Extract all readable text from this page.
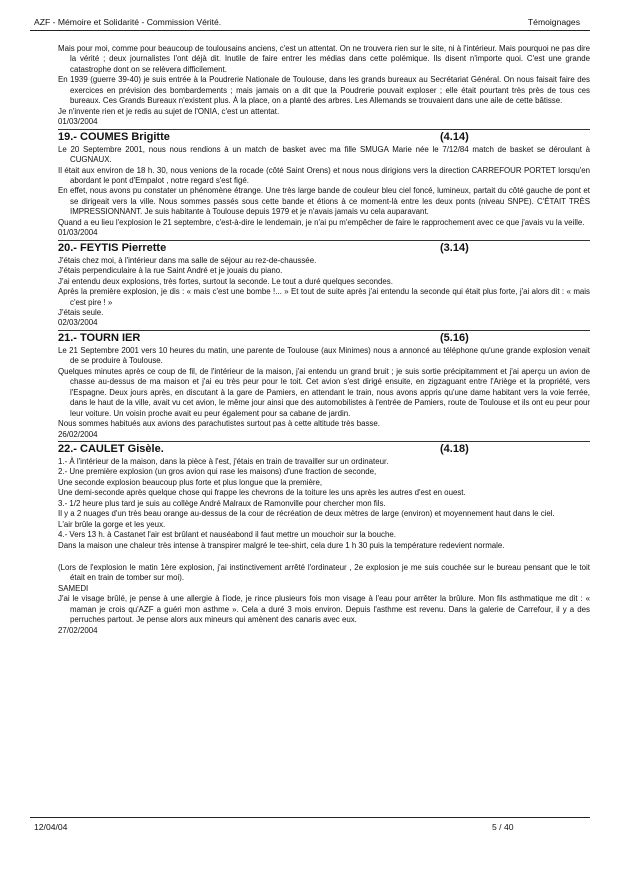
AZF - Mémoire et Solidarité - Commission Vérité.	Témoignages

Mais pour moi, comme pour beaucoup de toulousains anciens, c'est un attentat. On ne trouvera rien sur le site, ni à l'intérieur. Mais pourquoi ne pas dire la vérité ; deux journalistes l'ont déjà dit. Inutile de faire entrer les médias dans cette polémique. Ils disent n'importe quoi. C'est une grande catastrophe dont on se relèvera difficilement.

En 1939 (guerre 39-40) je suis entrée à la Poudrerie Nationale de Toulouse, dans les grands bureaux au Secrétariat Général. On nous faisait faire des exercices en prévision des bombardements ; mais jamais on a dit que la Poudrerie pouvait exploser ; elle était pourtant très près de tous ces bureaux. Ces Grands Bureaux n'existent plus. À la place, on a planté des arbres. Les Allemands se trouvaient dans une aile de cette bâtisse.

Je n'invente rien et je redis au sujet de l'ONIA, c'est un attentat.

01/03/2004

19.- COUMES Brigitte	(4.14)

Le 20 Septembre 2001, nous nous rendions à un match de basket avec ma fille SMUGA Marie née le 7/12/84 match de basket se déroulant à CUGNAUX.

Il était aux environ de 18 h. 30, nous venions de la rocade (côté Saint Orens) et nous nous dirigions vers la direction CARREFOUR PORTET lorsqu'en abordant le pont d'Empalot , notre regard s'est figé.

En effet, nous avons pu constater un phénomène étrange. Une très large bande de couleur bleu ciel foncé, lumineux, partait du côté gauche de pont et se dirigeait vers la ville. Nous sommes passés sous cette bande et étions à ce moment-là entre les deux ponts (niveau SNPE). C'ÉTAIT TRÈS IMPRESSIONNANT. Je suis habitante à Toulouse depuis 1979 et je n'avais jamais vu cela auparavant.

Quand a eu lieu l'explosion le 21 septembre, c'est-à-dire le lendemain, je n'ai pu m'empêcher de faire le rapprochement avec ce que j'avais vu la veille.

01/03/2004

20.- FEYTIS Pierrette	(3.14)

J'étais chez moi, à l'intérieur dans ma salle de séjour au rez-de-chaussée.

J'étais perpendiculaire à la rue Saint André et je jouais du piano.

J'ai entendu deux explosions, très fortes, surtout la seconde. Le tout a duré quelques secondes.

Après la première explosion, je dis : « mais c'est une bombe !... » Et tout de suite après j'ai entendu la seconde qui était plus forte, j'ai alors dit : « mais c'est pire ! »

J'étais seule.

02/03/2004

21.- TOURN IER	(5.16)

Le 21 Septembre 2001 vers 10 heures du matin, une parente de Toulouse (aux Minimes) nous a annoncé au téléphone qu'une grande explosion venait de se produire à Toulouse.

Quelques minutes après ce coup de fil, de l'intérieur de la maison, j'ai entendu un grand bruit ; je suis sortie précipitamment et j'ai aperçu un avion de chasse au-dessus de ma maison et j'ai eu très peur pour le toit. Cet avion s'est dirigé ensuite, en zigzaguant entre l'Ariège et la propriété, vers l'Espagne. Deux jours après, en discutant à la gare de Pamiers, en attendant le train, nous avons appris qu'une dame habitant vers la voie ferrée, dans le haut de la ville, avait vu cet avion, le même jour ainsi que des automobilistes à l'entrée de Pamiers, route de Toulouse et ils ont eu peur pour leur voiture. Un voisin proche avait eu peur également pour sa cabane de jardin.

Nous sommes habitués aux avions des parachutistes surtout pas à cette altitude très basse.

26/02/2004

22.- CAULET Gisèle.	(4.18)

1.- À l'intérieur de la maison, dans la pièce à l'est, j'étais en train de travailler sur un ordinateur.

2.- Une première explosion (un gros avion qui rase les maisons) d'une fraction de seconde,

Une seconde explosion beaucoup plus forte et plus longue que la première,

Une demi-seconde après quelque chose qui frappe les chevrons de la toiture les uns après les autres d'est en ouest.

3.- 1/2 heure plus tard je suis au collège André Malraux de Ramonville pour chercher mon fils.

Il y a 2 nuages d'un très beau orange au-dessus de la cour de récréation de deux mètres de large (environ) et moyennement haut dans le ciel.

L'air brûle la gorge et les yeux.

4.- Vers 13 h. à Castanet l'air est brûlant et nauséabond il faut mettre un mouchoir sur la bouche.

Dans la maison une chaleur très intense à transpirer malgré le tee-shirt, cela dure 1 h 30 puis la température redevient normale.

(Lors de l'explosion le matin 1ère explosion, j'ai instinctivement arrêté l'ordinateur , 2e explosion je me suis couchée sur le bureau pensant que le toit était en train de tomber sur moi).

SAMEDI

J'ai le visage brûlé, je pense à une allergie à l'iode, je rince plusieurs fois mon visage à l'eau pour arrêter la brûlure. Mon fils asthmatique me dit : « maman je crois qu'AZF a guéri mon asthme ». Cela a duré 3 mois environ. Depuis l'asthme est revenu. Dans la galerie de Carrefour, il y a des perruches partout. Je pense alors aux mineurs qui amènent des canaris avec eux.

27/02/2004

12/04/04	5 / 40
